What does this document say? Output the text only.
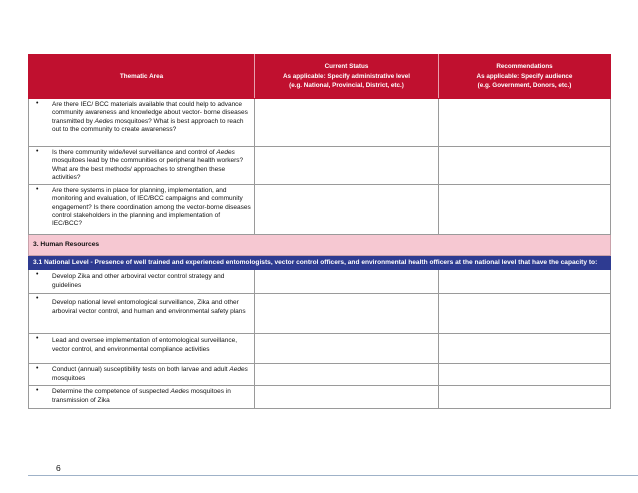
Thematic Area	Current Status
As applicable: Specify administrative level
(e.g. National, Provincial, District, etc.)	Recommendations
As applicable: Specify audience
(e.g. Government, Donors, etc.)

• Are there IEC/ BCC materials available that could help to advance community awareness and knowledge about vector- borne diseases transmitted by Aedes mosquitoes? What is best approach to reach out to the community to create awareness?		

• Is there community wide/level surveillance and control of Aedes mosquitoes lead by the communities or peripheral health workers? What are the best methods/ approaches to strengthen these activities?		

• Are there systems in place for planning, implementation, and monitoring and evaluation, of IEC/BCC campaigns and community engagement? Is there coordination among the vector-borne diseases control stakeholders in the planning and implementation of IEC/BCC?		

3. Human Resources		
3.1 National Level - Presence of well trained and experienced entomologists, vector control officers, and environmental health officers at the national level that have the capacity to:		

• Develop Zika and other arboviral vector control strategy and guidelines		

•
Develop national level entomological surveillance, Zika and other arboviral vector control, and human and environmental safety plans		

• Lead and oversee implementation of entomological surveillance, vector control, and environmental compliance activities		

• Conduct (annual) susceptibility tests on both larvae and adult Aedes mosquitoes		

• Determine the competence of suspected Aedes mosquitoes in transmission of Zika		

6
